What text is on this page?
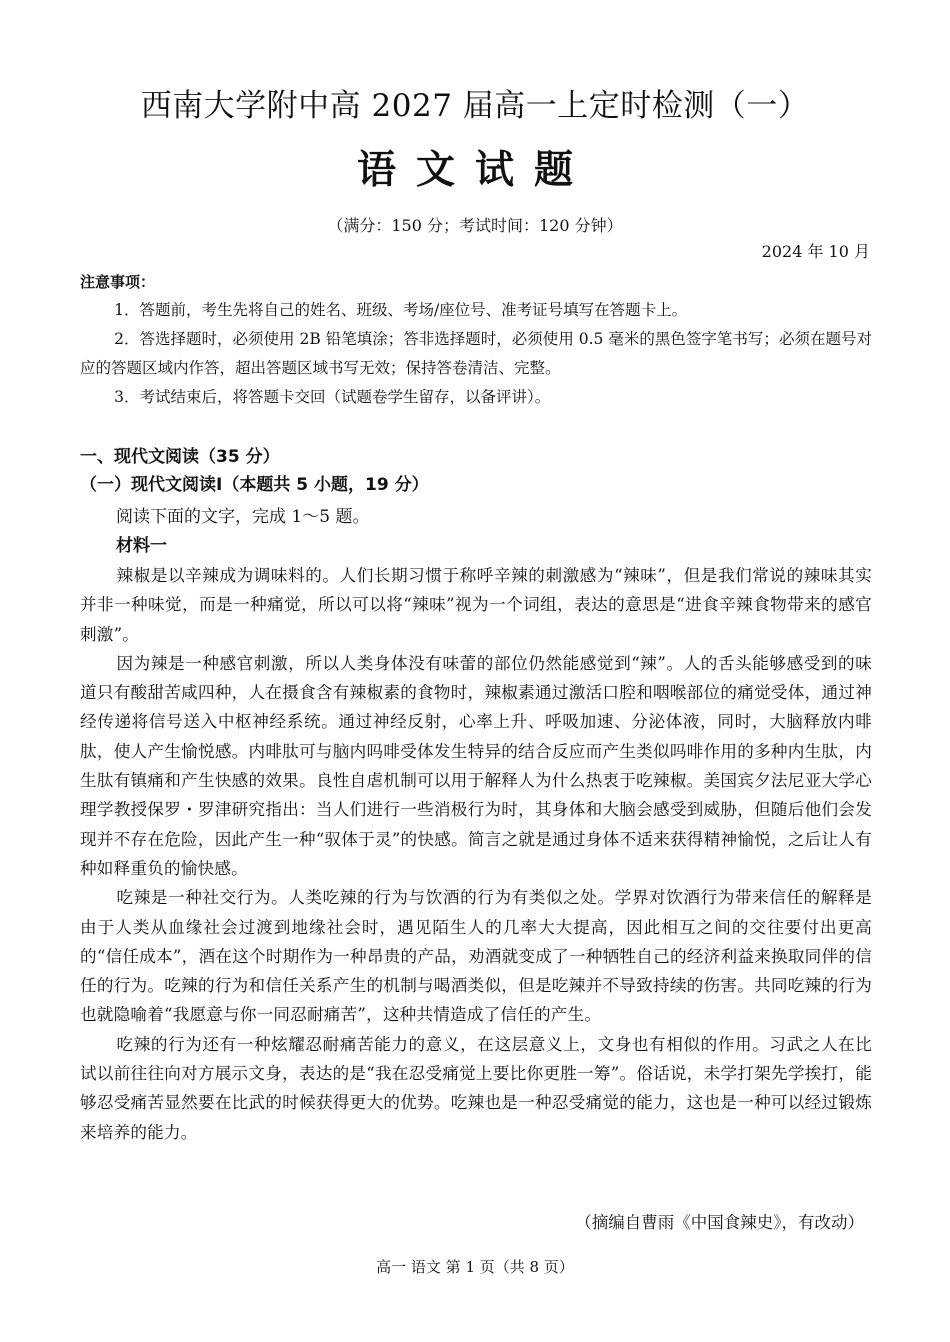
西南大学附中高 2027 届高一上定时检测（一）
语文试题
（满分：150 分；考试时间：120 分钟）
2024 年 10 月
注意事项：

1．答题前，考生先将自己的姓名、班级、考场/座位号、准考证号填写在答题卡上。

2．答选择题时，必须使用 2B 铅笔填涂；答非选择题时，必须使用 0.5 毫米的黑色签字笔书写；必须在题号对应的答题区域内作答，超出答题区域书写无效；保持答卷清洁、完整。

3．考试结束后，将答题卡交回（试题卷学生留存，以备评讲）。

一、现代文阅读（35 分）
（一）现代文阅读Ⅰ（本题共 5 小题，19 分）
阅读下面的文字，完成 1～5 题。
材料一

辣椒是以辛辣成为调味料的。人们长期习惯于称呼辛辣的刺激感为“辣味”，但是我们常说的辣味其实并非一种味觉，而是一种痛觉，所以可以将“辣味”视为一个词组，表达的意思是“进食辛辣食物带来的感官刺激”。

因为辣是一种感官刺激，所以人类身体没有味蕾的部位仍然能感觉到“辣”。人的舌头能够感受到的味道只有酸甜苦咸四种，人在摄食含有辣椒素的食物时，辣椒素通过激活口腔和咽喉部位的痛觉受体，通过神经传递将信号送入中枢神经系统。通过神经反射，心率上升、呼吸加速、分泌体液，同时，大脑释放内啡肽，使人产生愉悦感。内啡肽可与脑内吗啡受体发生特异的结合反应而产生类似吗啡作用的多种内生肽，内生肽有镇痛和产生快感的效果。良性自虐机制可以用于解释人为什么热衷于吃辣椒。美国宾夕法尼亚大学心理学教授保罗・罗津研究指出：当人们进行一些消极行为时，其身体和大脑会感受到威胁，但随后他们会发现并不存在危险，因此产生一种“驭体于灵”的快感。简言之就是通过身体不适来获得精神愉悦，之后让人有种如释重负的愉快感。

吃辣是一种社交行为。人类吃辣的行为与饮酒的行为有类似之处。学界对饮酒行为带来信任的解释是由于人类从血缘社会过渡到地缘社会时，遇见陌生人的几率大大提高，因此相互之间的交往要付出更高的“信任成本”，酒在这个时期作为一种昂贵的产品，劝酒就变成了一种牺牲自己的经济利益来换取同伴的信任的行为。吃辣的行为和信任关系产生的机制与喝酒类似，但是吃辣并不导致持续的伤害。共同吃辣的行为也就隐喻着“我愿意与你一同忍耐痛苦”，这种共情造成了信任的产生。

吃辣的行为还有一种炫耀忍耐痛苦能力的意义，在这层意义上，文身也有相似的作用。习武之人在比试以前往往向对方展示文身，表达的是“我在忍受痛觉上要比你更胜一筹”。俗话说，未学打架先学挨打，能够忍受痛苦显然要在比武的时候获得更大的优势。吃辣也是一种忍受痛觉的能力，这也是一种可以经过锻炼来培养的能力。

（摘编自曹雨《中国食辣史》，有改动）
高一 语文 第 1 页（共 8 页）
